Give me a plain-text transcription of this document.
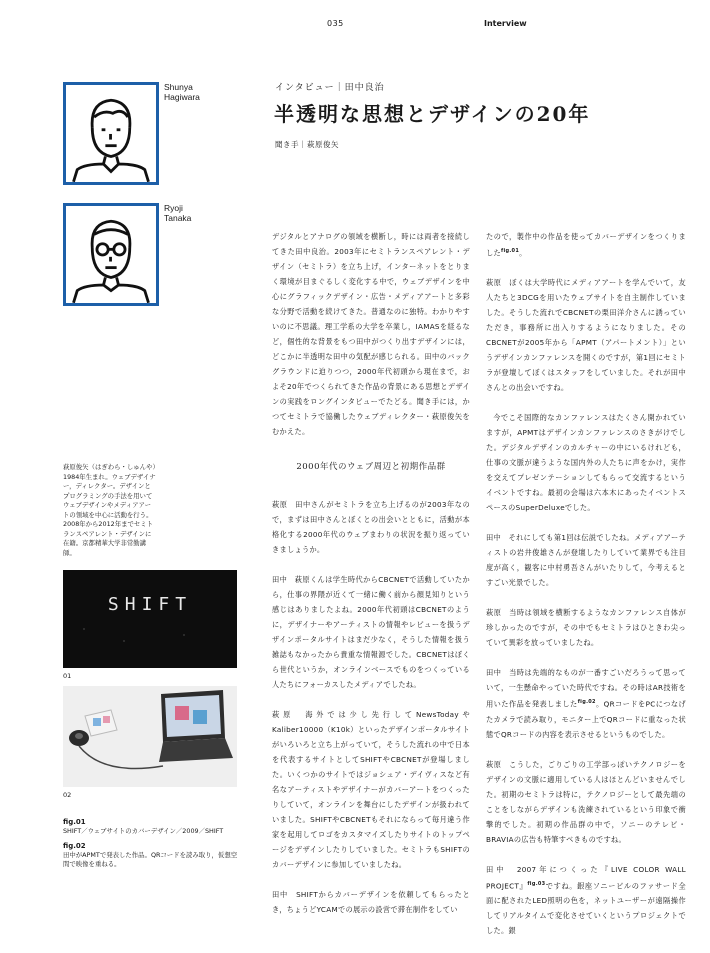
035	Interview
Shunya
Hagiwara
Ryoji
Tanaka
インタビュー｜田中良治
半透明な思想とデザインの20年
聞き手｜萩原俊矢

デジタルとアナログの領域を横断し，時には両者を接続してきた田中良治。2003年にセミトランスペアレント・デザイン（セミトラ）を立ち上げ，インターネットをとりまく環境が目まぐるしく変化する中で，ウェブデザインを中心にグラフィックデザイン・広告・メディアアートと多彩な分野で活動を続けてきた。普通なのに独特。わかりやすいのに不思議。理工学系の大学を卒業し，IAMASを経るなど，個性的な背景をもつ田中がつくり出すデザインには，どこかに半透明な田中の気配が感じられる。田中のバックグラウンドに迫りつつ，2000年代初頭から現在まで，およそ20年でつくられてきた作品の背景にある思想とデザインの実践をロングインタビューでたどる。聞き手には，かつてセミトラで協働したウェブディレクター・萩原俊矢をむかえた。

2000年代のウェブ周辺と初期作品群

萩原　田中さんがセミトラを立ち上げるのが2003年なので，まずは田中さんとぼくとの出会いとともに，活動が本格化する2000年代のウェブまわりの状況を振り返っていきましょうか。

田中　萩原くんは学生時代からCBCNETで活動していたから，仕事の界隈が近くて一緒に働く前から顔見知りという感じはありましたよね。2000年代初頭はCBCNETのように，デザイナーやアーティストの情報やレビューを扱うデザインポータルサイトはまだ少なく，そうした情報を扱う雑誌もなかったから貴重な情報源でした。CBCNETはぼくら世代というか，オンラインベースでものをつくっている人たちにフォーカスしたメディアでしたね。

萩原　海外では少し先行してNewsTodayやKaliber10000（K10k）といったデザインポータルサイトがいろいろと立ち上がっていて，そうした流れの中で日本を代表するサイトとしてSHIFTやCBCNETが登場しました。いくつかのサイトではジョシュア・デイヴィスなど有名なアーティストやデザイナーがカバーアートをつくったりしていて，オンラインを舞台にしたデザインが扱われていました。SHIFTやCBCNETもそれにならって毎月違う作家を起用してロゴをカスタマイズしたりサイトのトップページをデザインしたりしていました。セミトラもSHIFTのカバーデザインに参加していましたね。

田中　SHIFTからカバーデザインを依頼してもらったとき，ちょうどYCAMでの展示の設営で滞在制作をしてい

たので，製作中の作品を使ってカバーデザインをつくりました$^{fig.01}$。

萩原　ぼくは大学時代にメディアアートを学んでいて，友人たちと3DCGを用いたウェブサイトを自主制作していました。そうした流れでCBCNETの栗田洋介さんに誘っていただき，事務所に出入りするようになりました。そのCBCNETが2005年から「APMT（アパートメント）」というデザインカンファレンスを開くのですが，第1回にセミトラが登壇してぼくはスタッフをしていました。それが田中さんとの出会いですね。

今でこそ国際的なカンファレンスはたくさん開かれていますが，APMTはデザインカンファレンスのさきがけでした。デジタルデザインのカルチャーの中にいるけれども，仕事の文脈が違うような国内外の人たちに声をかけ，実作を交えてプレゼンテーションしてもらって交流するというイベントですね。最初の会場は六本木にあったイベントスペースのSuperDeluxeでした。

田中　それにしても第1回は伝説でしたね。メディアアーティストの岩井俊雄さんが登壇したりしていて業界でも注目度が高く，観客に中村勇吾さんがいたりして，今考えるとすごい光景でした。

萩原　当時は領域を横断するようなカンファレンス自体が珍しかったのですが，その中でもセミトラはひときわ尖っていて異彩を放っていましたね。

田中　当時は先端的なものが一番すごいだろうって思っていて，一生懸命やっていた時代ですね。その時はAR技術を用いた作品を発表しました$^{fig.02}$。QRコードをPCにつなげたカメラで読み取り，モニター上でQRコードに重なった状態でQRコードの内容を表示させるというものでした。

萩原　こうした，ごりごりの工学部っぽいテクノロジーをデザインの文脈に適用している人はほとんどいませんでした。初期のセミトラは特に，テクノロジーとして最先端のことをしながらデザインも洗練されているという印象で衝撃的でした。初期の作品群の中で，ソニーのテレビ・BRAVIAの広告も特筆すべきものですね。

田中　2007年につくった『LIVE COLOR WALL PROJECT』$^{fig.03}$ですね。銀座ソニービルのファサード全面に配されたLED照明の色を，ネットユーザーが遠隔操作してリアルタイムで変化させていくというプロジェクトでした。銀

萩原俊矢（はぎわら・しゅんや）1984年生まれ。ウェブデザイナー，ディレクター。デザインとプログラミングの手法を用いてウェブデザインやメディアアートの領域を中心に活動を行う。2008年から2012年までセミトランスペアレント・デザインに在籍。京都精華大学非常勤講師。
SHIFT
01
02

fig.01
SHIFT／ウェブサイトのカバーデザイン／2009／SHIFT

fig.02
田中がAPMTで発表した作品。QRコードを読み取り，仮想空間で映像を重ねる。
